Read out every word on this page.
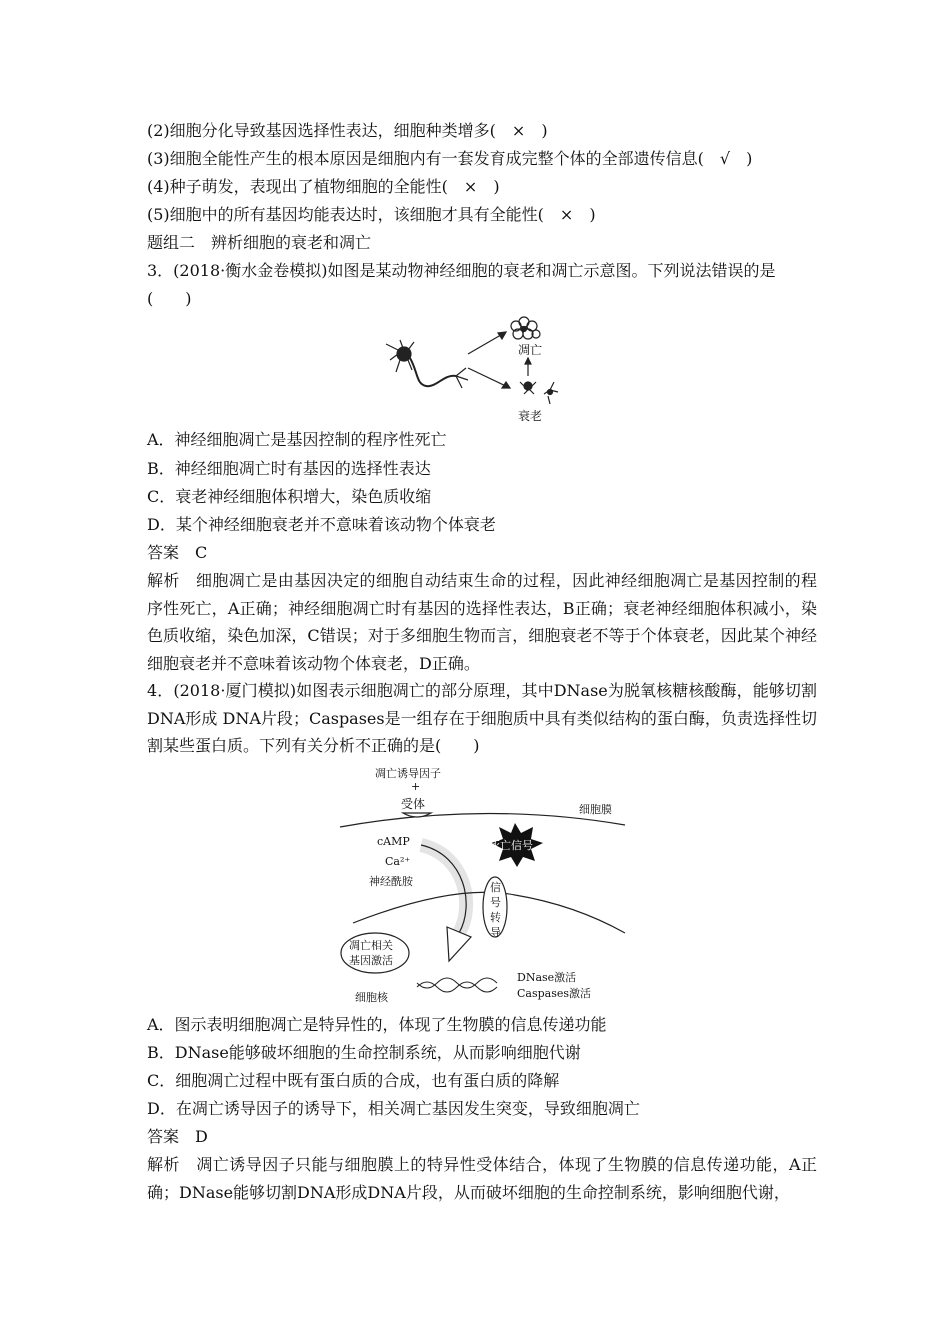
(2)细胞分化导致基因选择性表达，细胞种类增多(　×　)
(3)细胞全能性产生的根本原因是细胞内有一套发育成完整个体的全部遗传信息(　√　)
(4)种子萌发，表现出了植物细胞的全能性(　×　)
(5)细胞中的所有基因均能表达时，该细胞才具有全能性(　×　)
题组二　辨析细胞的衰老和凋亡
3．(2018·衡水金卷模拟)如图是某动物神经细胞的衰老和凋亡示意图。下列说法错误的是
(　　)
凋亡
衰老
A．神经细胞凋亡是基因控制的程序性死亡
B．神经细胞凋亡时有基因的选择性表达
C．衰老神经细胞体积增大，染色质收缩
D．某个神经细胞衰老并不意味着该动物个体衰老
答案　C
解析　细胞凋亡是由基因决定的细胞自动结束生命的过程，因此神经细胞凋亡是基因控制的程序性死亡，A正确；神经细胞凋亡时有基因的选择性表达，B正确；衰老神经细胞体积减小，染色质收缩，染色加深，C错误；对于多细胞生物而言，细胞衰老不等于个体衰老，因此某个神经细胞衰老并不意味着该动物个体衰老，D正确。
4．(2018·厦门模拟)如图表示细胞凋亡的部分原理，其中DNase为脱氧核糖核酸酶，能够切割DNA形成 DNA片段；Caspases是一组存在于细胞质中具有类似结构的蛋白酶，负责选择性切割某些蛋白质。下列有关分析不正确的是(　　)
凋亡诱导因子
+
受体	细胞膜
死亡信号
cAMP
Ca²⁺
神经酰胺	信
号
转
导
凋亡相关
基因激活
细胞核
DNase激活
Caspases激活
A．图示表明细胞凋亡是特异性的，体现了生物膜的信息传递功能
B．DNase能够破坏细胞的生命控制系统，从而影响细胞代谢
C．细胞凋亡过程中既有蛋白质的合成，也有蛋白质的降解
D．在凋亡诱导因子的诱导下，相关凋亡基因发生突变，导致细胞凋亡
答案　D
解析　凋亡诱导因子只能与细胞膜上的特异性受体结合，体现了生物膜的信息传递功能，A正确；DNase能够切割DNA形成DNA片段，从而破坏细胞的生命控制系统，影响细胞代谢，
